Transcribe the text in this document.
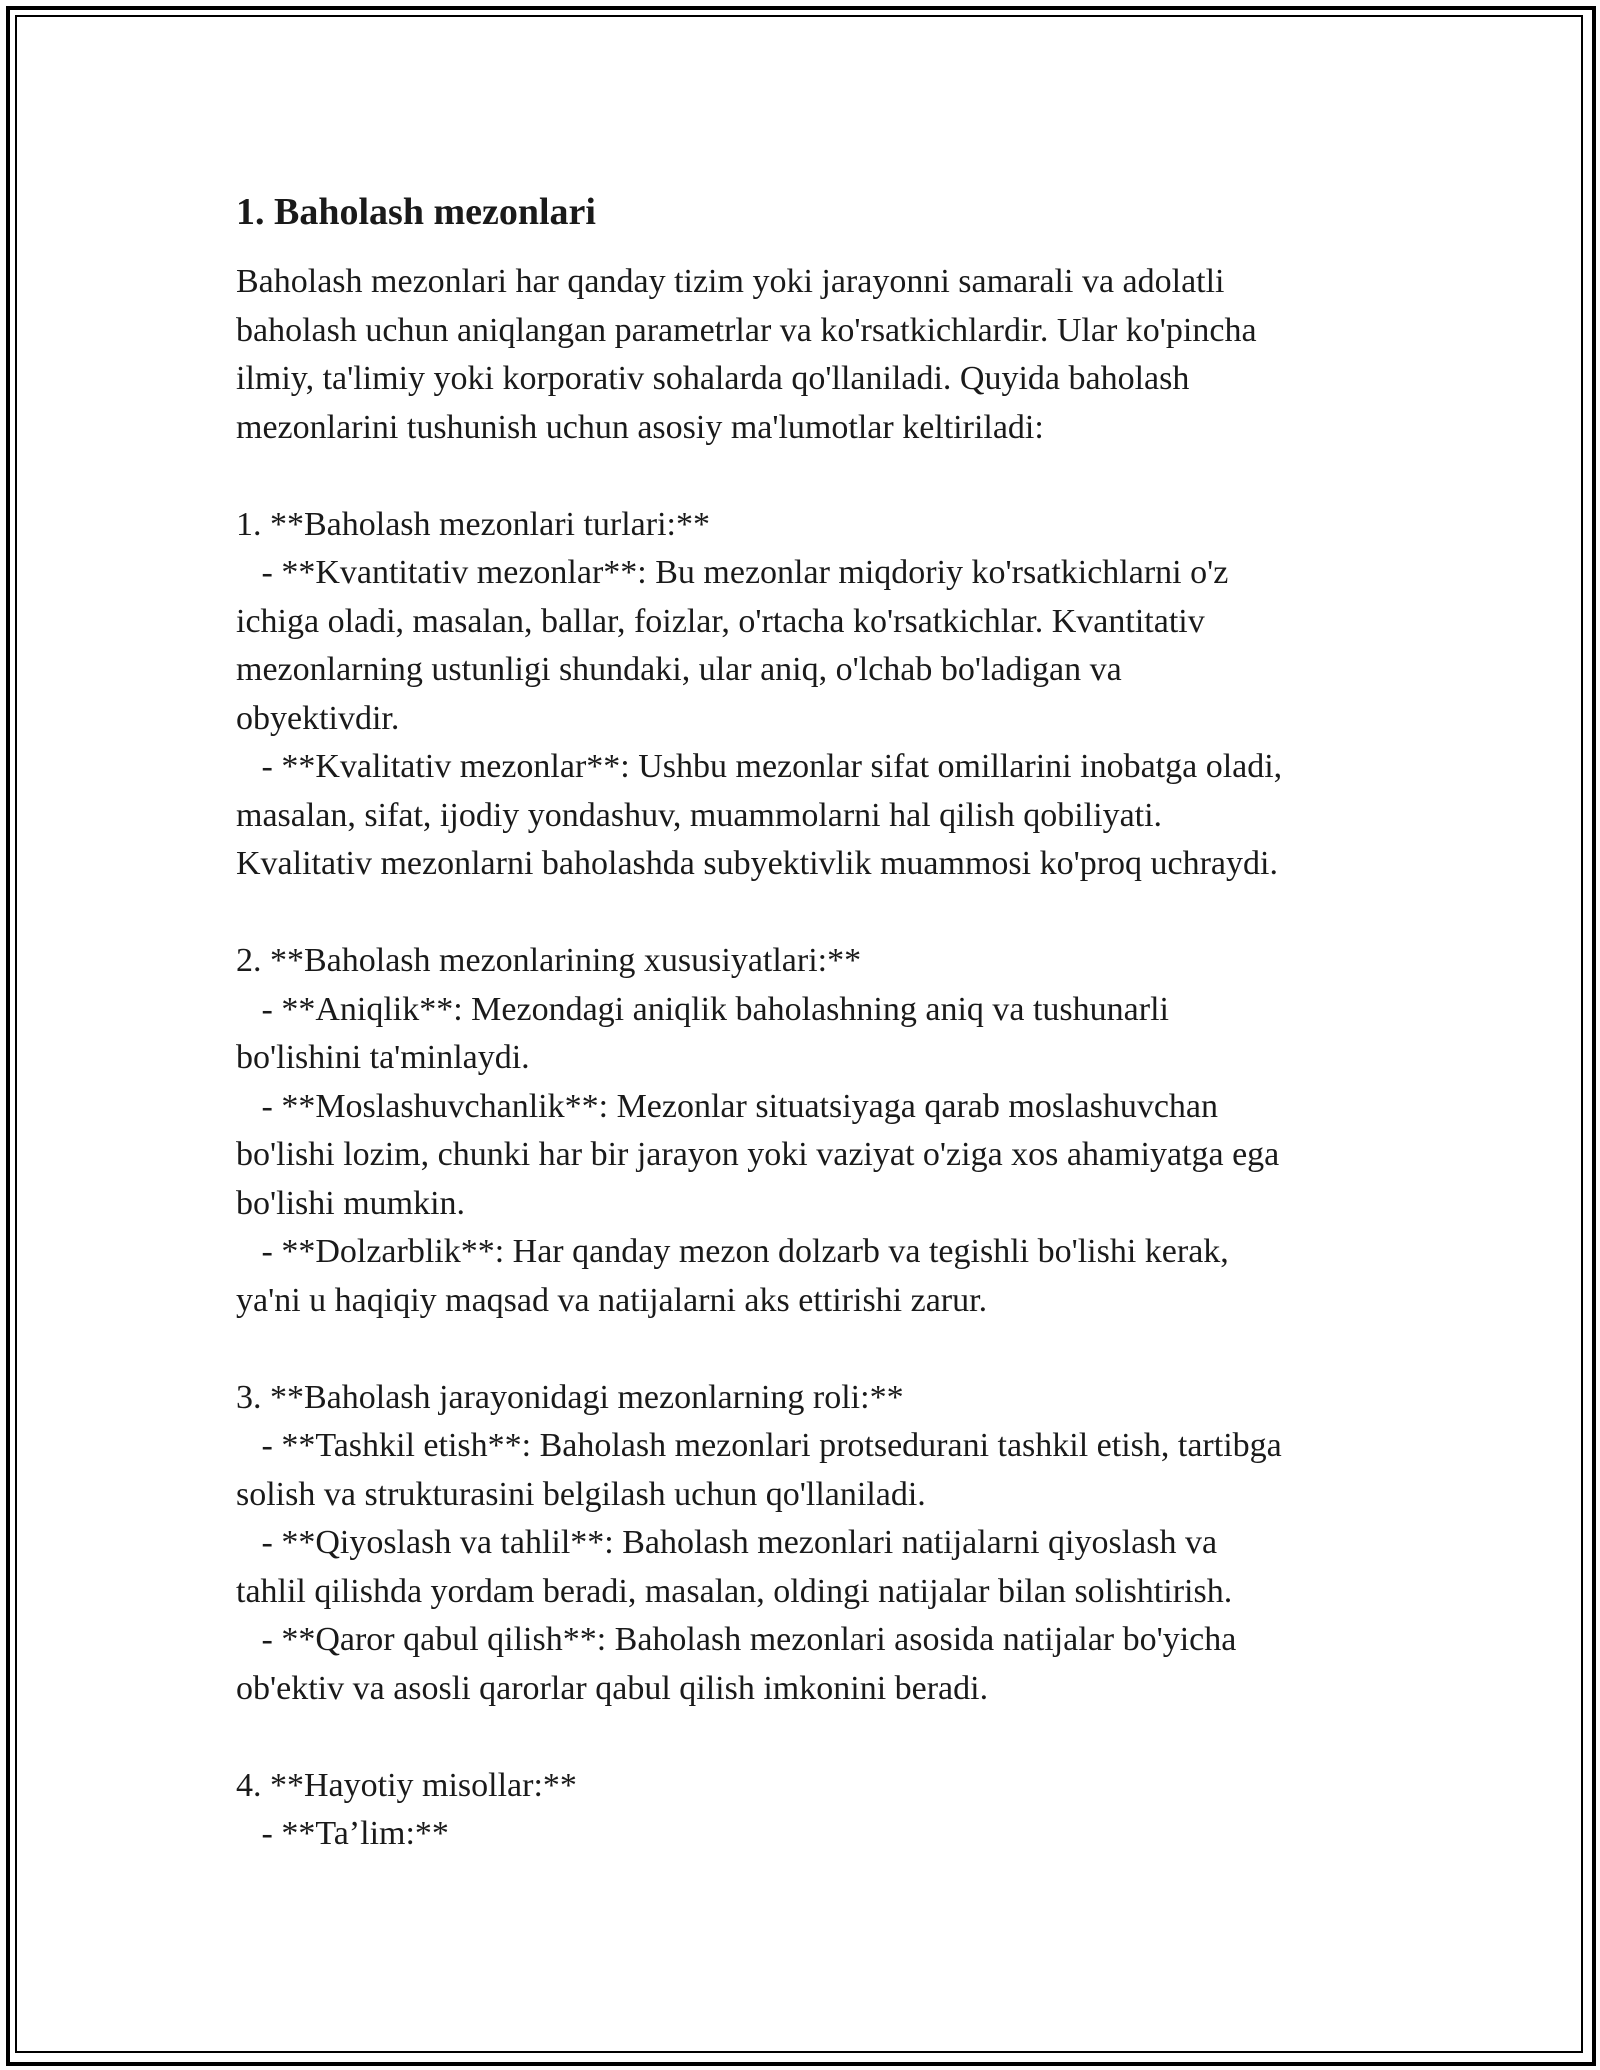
1. Baholash mezonlari

Baholash mezonlari har qanday tizim yoki jarayonni samarali va adolatli
baholash uchun aniqlangan parametrlar va ko'rsatkichlardir. Ular ko'pincha
ilmiy, ta'limiy yoki korporativ sohalarda qo'llaniladi. Quyida baholash
mezonlarini tushunish uchun asosiy ma'lumotlar keltiriladi:

1. **Baholash mezonlari turlari:**
- **Kvantitativ mezonlar**: Bu mezonlar miqdoriy ko'rsatkichlarni o'z
ichiga oladi, masalan, ballar, foizlar, o'rtacha ko'rsatkichlar. Kvantitativ
mezonlarning ustunligi shundaki, ular aniq, o'lchab bo'ladigan va
obyektivdir.
- **Kvalitativ mezonlar**: Ushbu mezonlar sifat omillarini inobatga oladi,
masalan, sifat, ijodiy yondashuv, muammolarni hal qilish qobiliyati.
Kvalitativ mezonlarni baholashda subyektivlik muammosi ko'proq uchraydi.

2. **Baholash mezonlarining xususiyatlari:**
- **Aniqlik**: Mezondagi aniqlik baholashning aniq va tushunarli
bo'lishini ta'minlaydi.
- **Moslashuvchanlik**: Mezonlar situatsiyaga qarab moslashuvchan
bo'lishi lozim, chunki har bir jarayon yoki vaziyat o'ziga xos ahamiyatga ega
bo'lishi mumkin.
- **Dolzarblik**: Har qanday mezon dolzarb va tegishli bo'lishi kerak,
ya'ni u haqiqiy maqsad va natijalarni aks ettirishi zarur.

3. **Baholash jarayonidagi mezonlarning roli:**
- **Tashkil etish**: Baholash mezonlari protsedurani tashkil etish, tartibga
solish va strukturasini belgilash uchun qo'llaniladi.
- **Qiyoslash va tahlil**: Baholash mezonlari natijalarni qiyoslash va
tahlil qilishda yordam beradi, masalan, oldingi natijalar bilan solishtirish.
- **Qaror qabul qilish**: Baholash mezonlari asosida natijalar bo'yicha
ob'ektiv va asosli qarorlar qabul qilish imkonini beradi.

4. **Hayotiy misollar:**
- **Ta’lim:**
